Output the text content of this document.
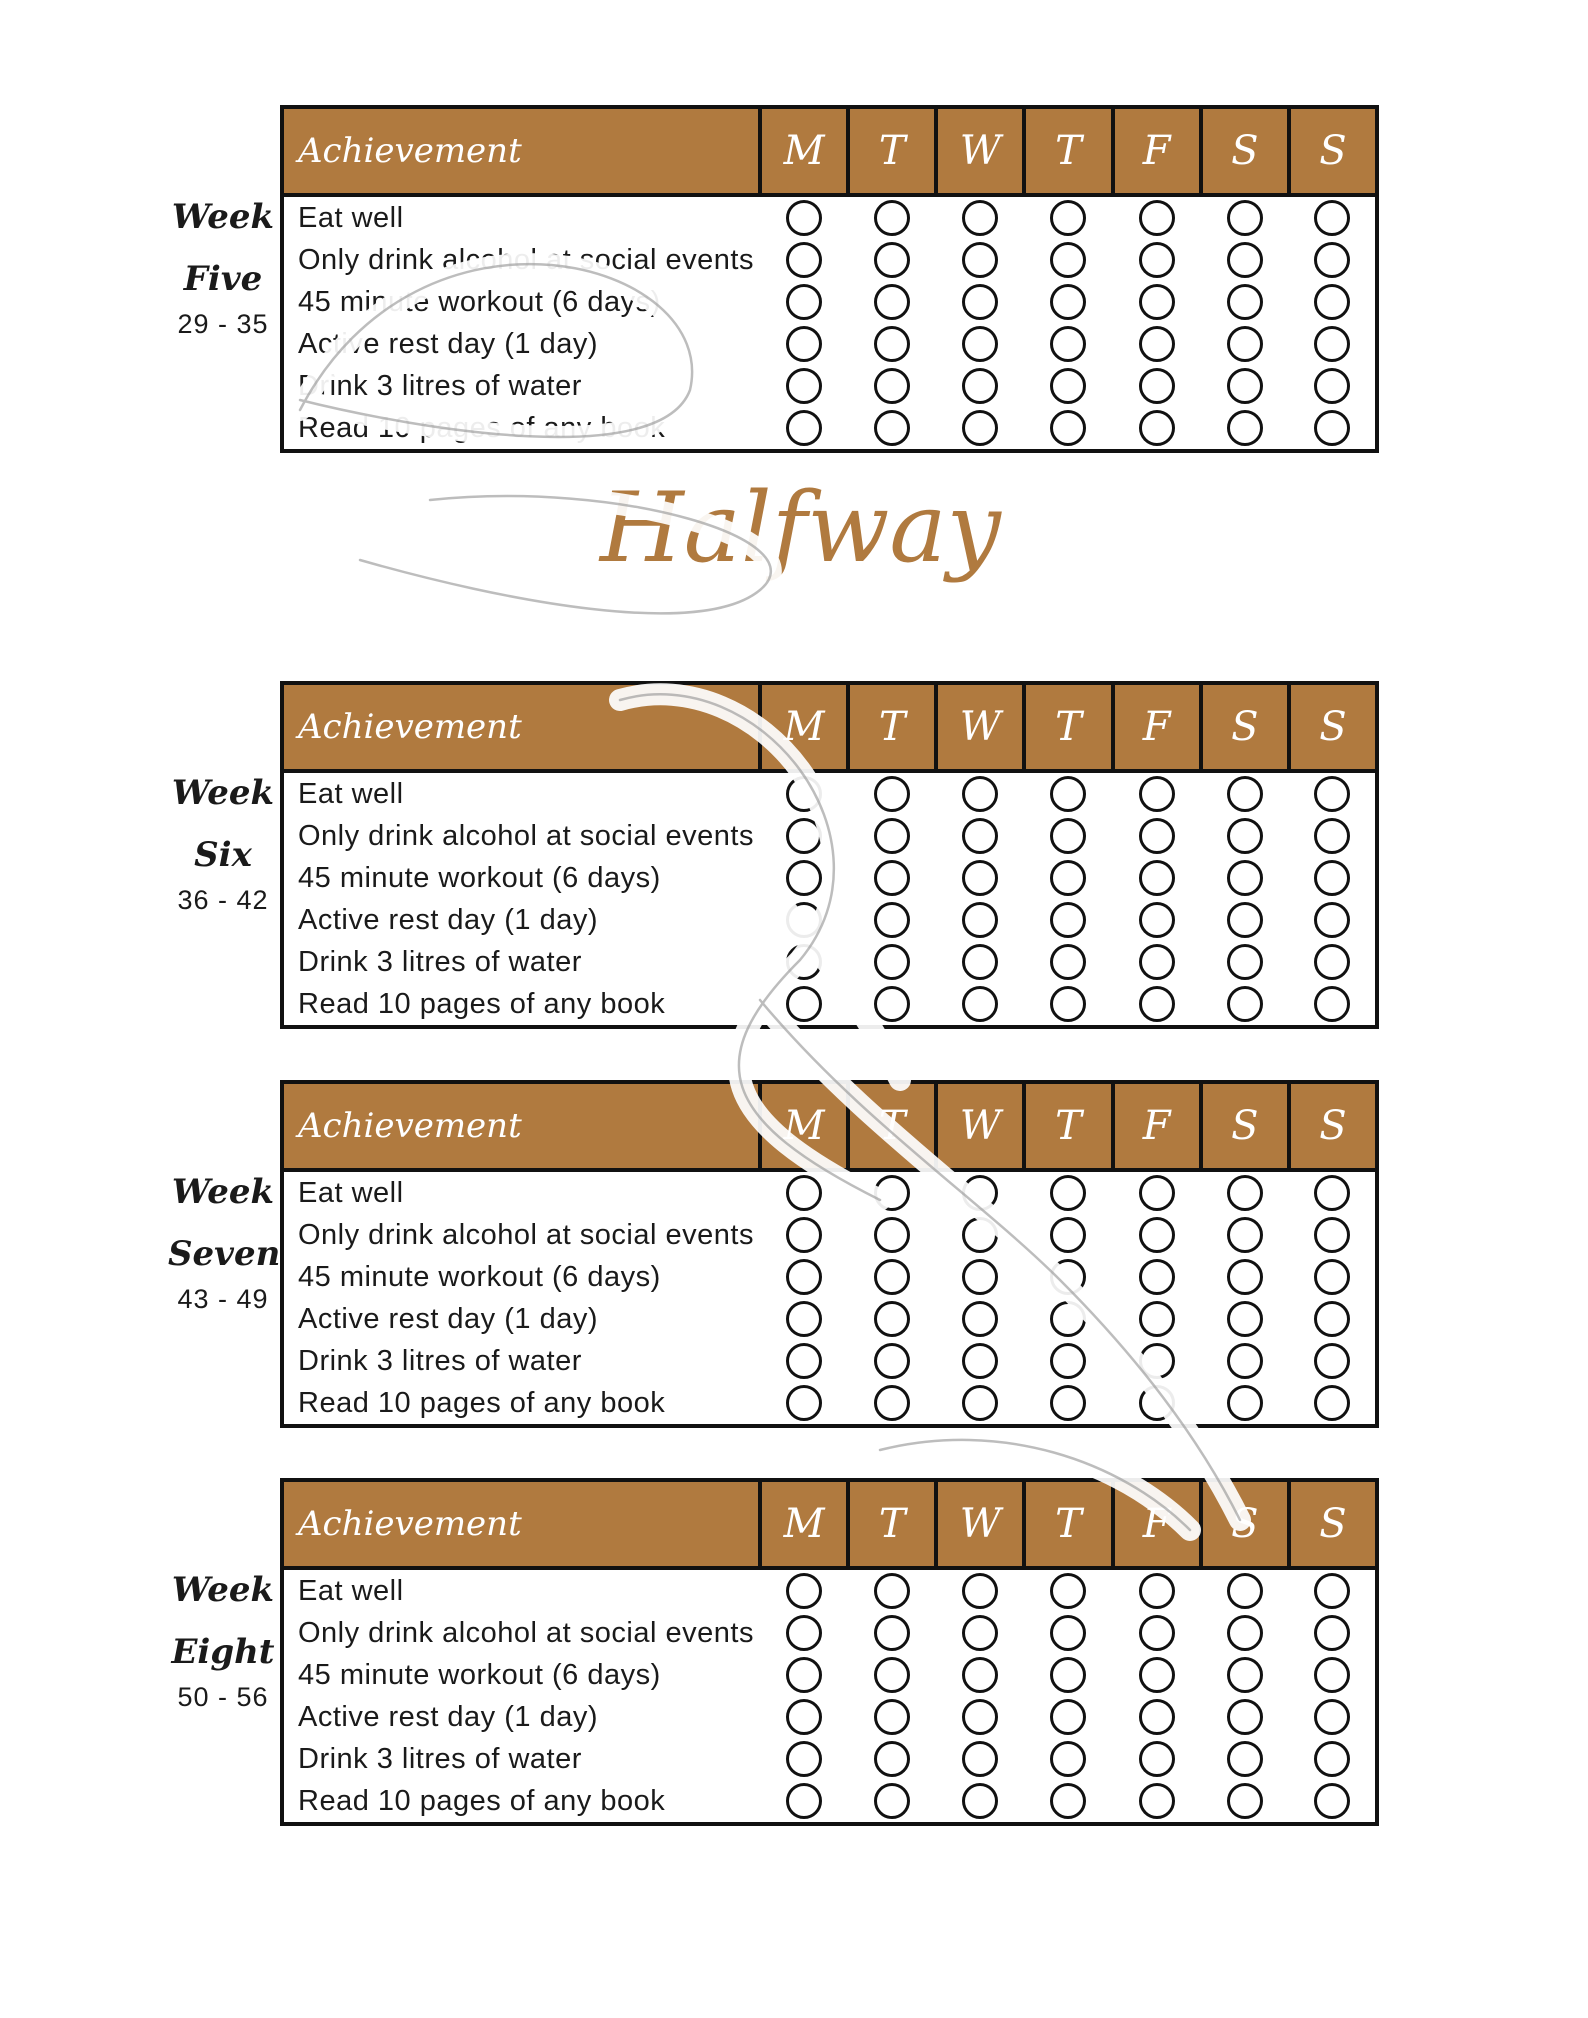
Week
Five
29 - 35
Achievement	M	T	W	T	F	S	S
Eat well							
Only drink alcohol at social events							
45 minute workout (6 days)							
Active rest day (1 day)							
Drink 3 litres of water							
Read 10 pages of any book							
Halfway
Week
Six
36 - 42
Achievement	M	T	W	T	F	S	S
Eat well							
Only drink alcohol at social events							
45 minute workout (6 days)							
Active rest day (1 day)							
Drink 3 litres of water							
Read 10 pages of any book							
Week
Seven
43 - 49
Achievement	M	T	W	T	F	S	S
Eat well							
Only drink alcohol at social events							
45 minute workout (6 days)							
Active rest day (1 day)							
Drink 3 litres of water							
Read 10 pages of any book							
Week
Eight
50 - 56
Achievement	M	T	W	T	F	S	S
Eat well							
Only drink alcohol at social events							
45 minute workout (6 days)							
Active rest day (1 day)							
Drink 3 litres of water							
Read 10 pages of any book							
